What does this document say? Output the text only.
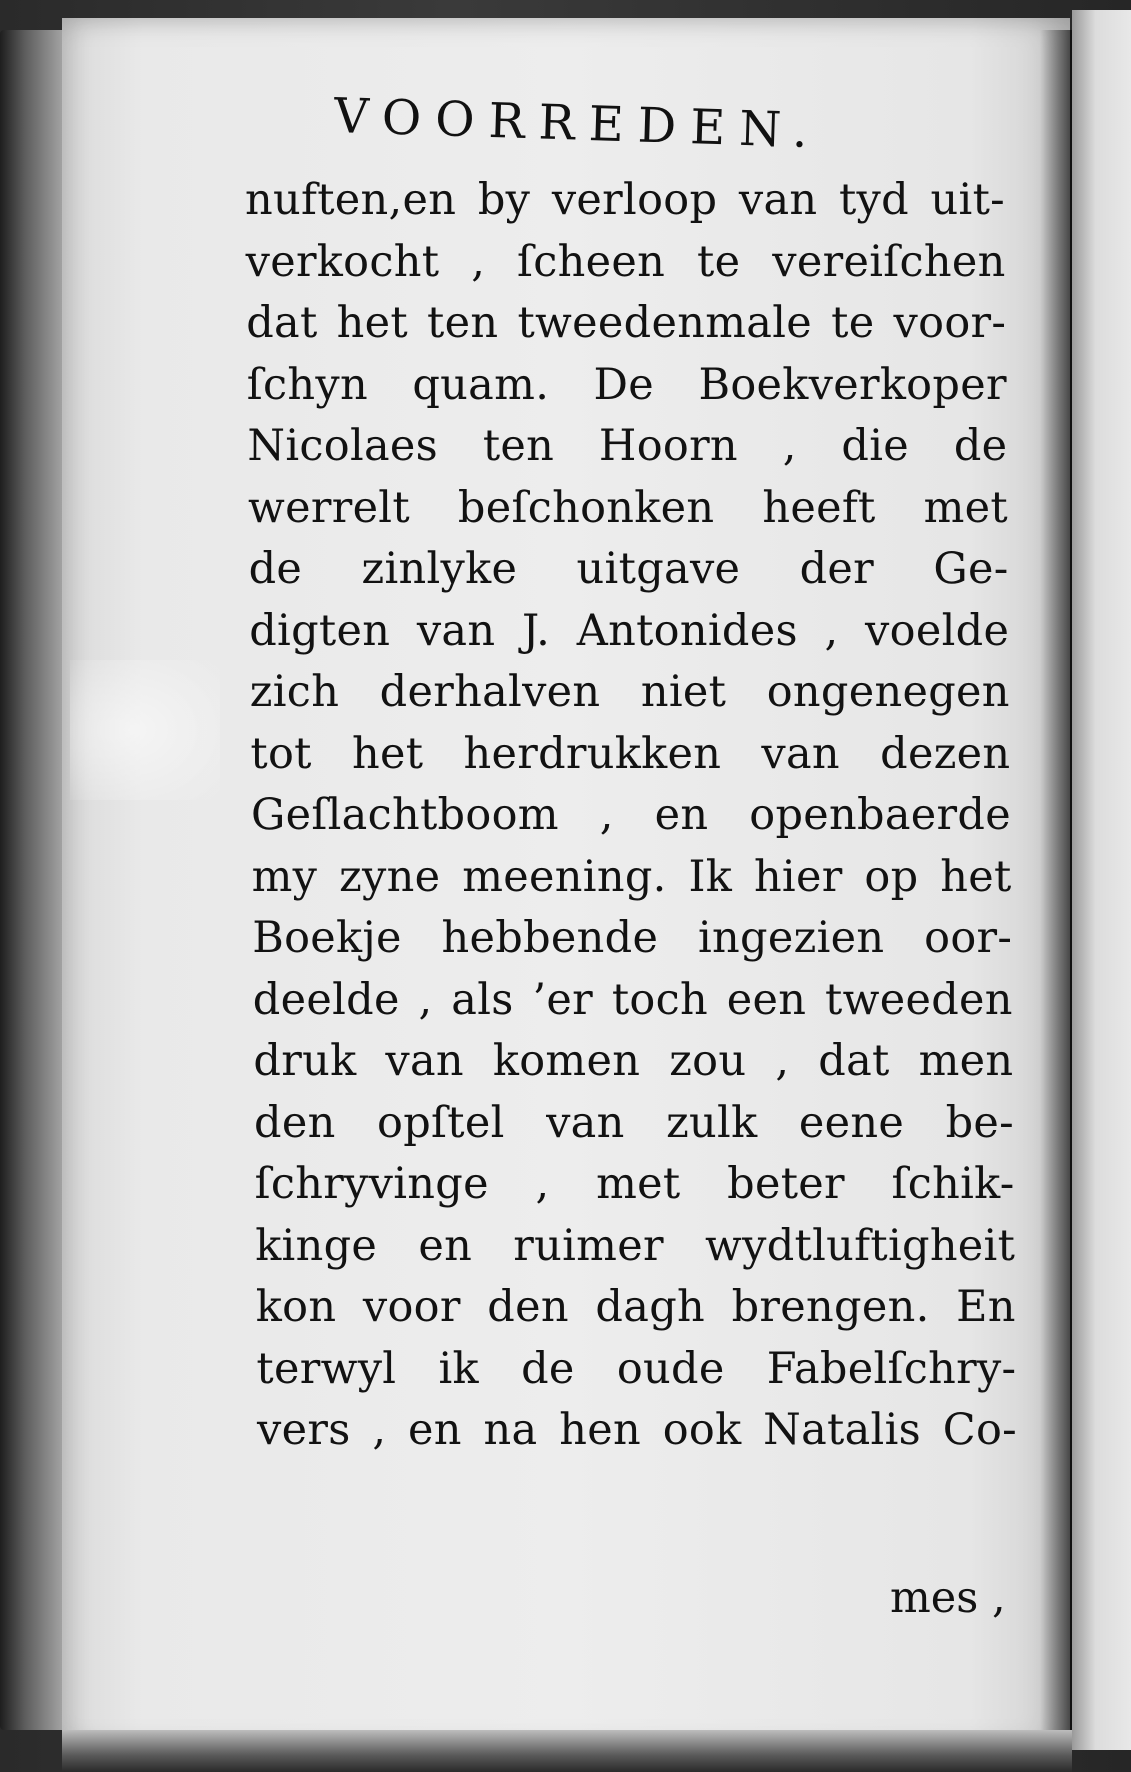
VOORREDEN.
nuften,en by verloop van tyd uit-
verkocht , ſcheen te vereiſchen
dat het ten tweedenmale te voor-
ſchyn quam. De Boekverkoper
Nicolaes ten Hoorn , die de
werrelt beſchonken heeft met
de zinlyke uitgave der Ge-
digten van J. Antonides , voelde
zich derhalven niet ongenegen
tot het herdrukken van dezen
Geſlachtboom , en openbaerde
my zyne meening. Ik hier op het
Boekje hebbende ingezien oor-
deelde , als ’er toch een tweeden
druk van komen zou , dat men
den opſtel van zulk eene be-
ſchryvinge , met beter ſchik-
kinge en ruimer wydtluftigheit
kon voor den dagh brengen. En
terwyl ik de oude Fabelſchry-
vers , en na hen ook Natalis Co-
mes ,
